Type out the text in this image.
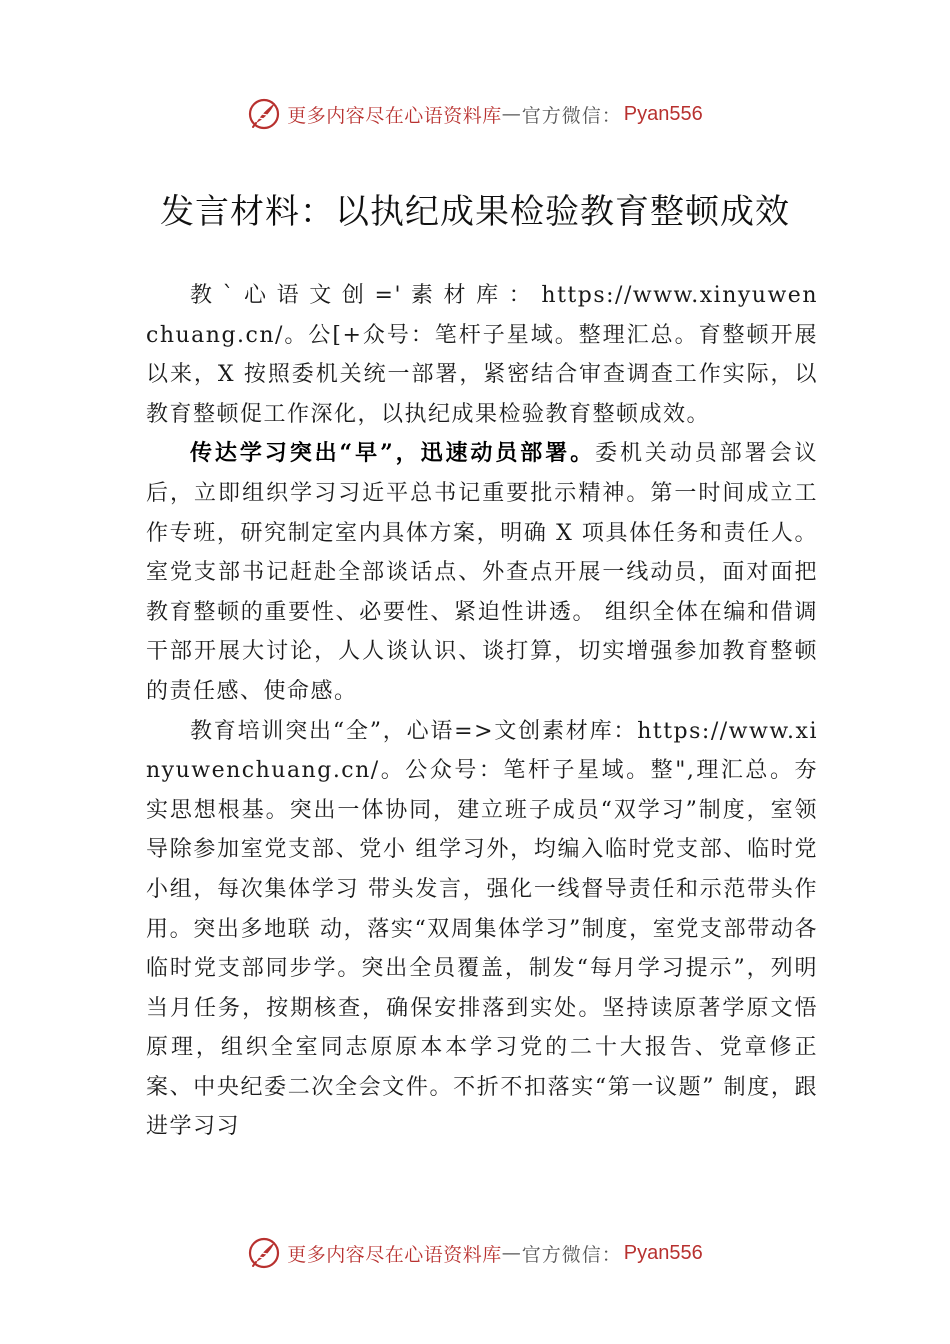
更多内容尽在心语资料库 — 官方微信： Pyan556
发言材料：以执纪成果检验教育整顿成效

教 ` 心 语 文 创 =' 素 材 库 ： https://www.xinyuwenchuang.cn/。公[+众号：笔杆子星域。整理汇总。育整顿开展以来，X 按照委机关统一部署，紧密结合审查调查工作实际，以教育整顿促工作深化，以执纪成果检验教育整顿成效。

传达学习突出“早”，迅速动员部署。委机关动员部署会议后，立即组织学习习近平总书记重要批示精神。第一时间成立工作专班，研究制定室内具体方案，明确 X 项具体任务和责任人。室党支部书记赶赴全部谈话点、外查点开展一线动员，面对面把教育整顿的重要性、必要性、紧迫性讲透。 组织全体在编和借调干部开展大讨论，人人谈认识、谈打算，切实增强参加教育整顿的责任感、使命感。

教育培训突出“全”，心语=>文创素材库：https://www.xinyuwenchuang.cn/。公众号：笔杆子星域。整",理汇总。夯实思想根基。突出一体协同，建立班子成员“双学习”制度，室领导除参加室党支部、党小 组学习外，均编入临时党支部、临时党小组，每次集体学习 带头发言，强化一线督导责任和示范带头作用。突出多地联 动，落实“双周集体学习”制度，室党支部带动各临时党支部同步学。突出全员覆盖，制发“每月学习提示”，列明当月任务，按期核查，确保安排落到实处。坚持读原著学原文悟 原理，组织全室同志原原本本学习党的二十大报告、党章修正案、中央纪委二次全会文件。不折不扣落实“第一议题” 制度，跟进学习习

更多内容尽在心语资料库 — 官方微信： Pyan556
